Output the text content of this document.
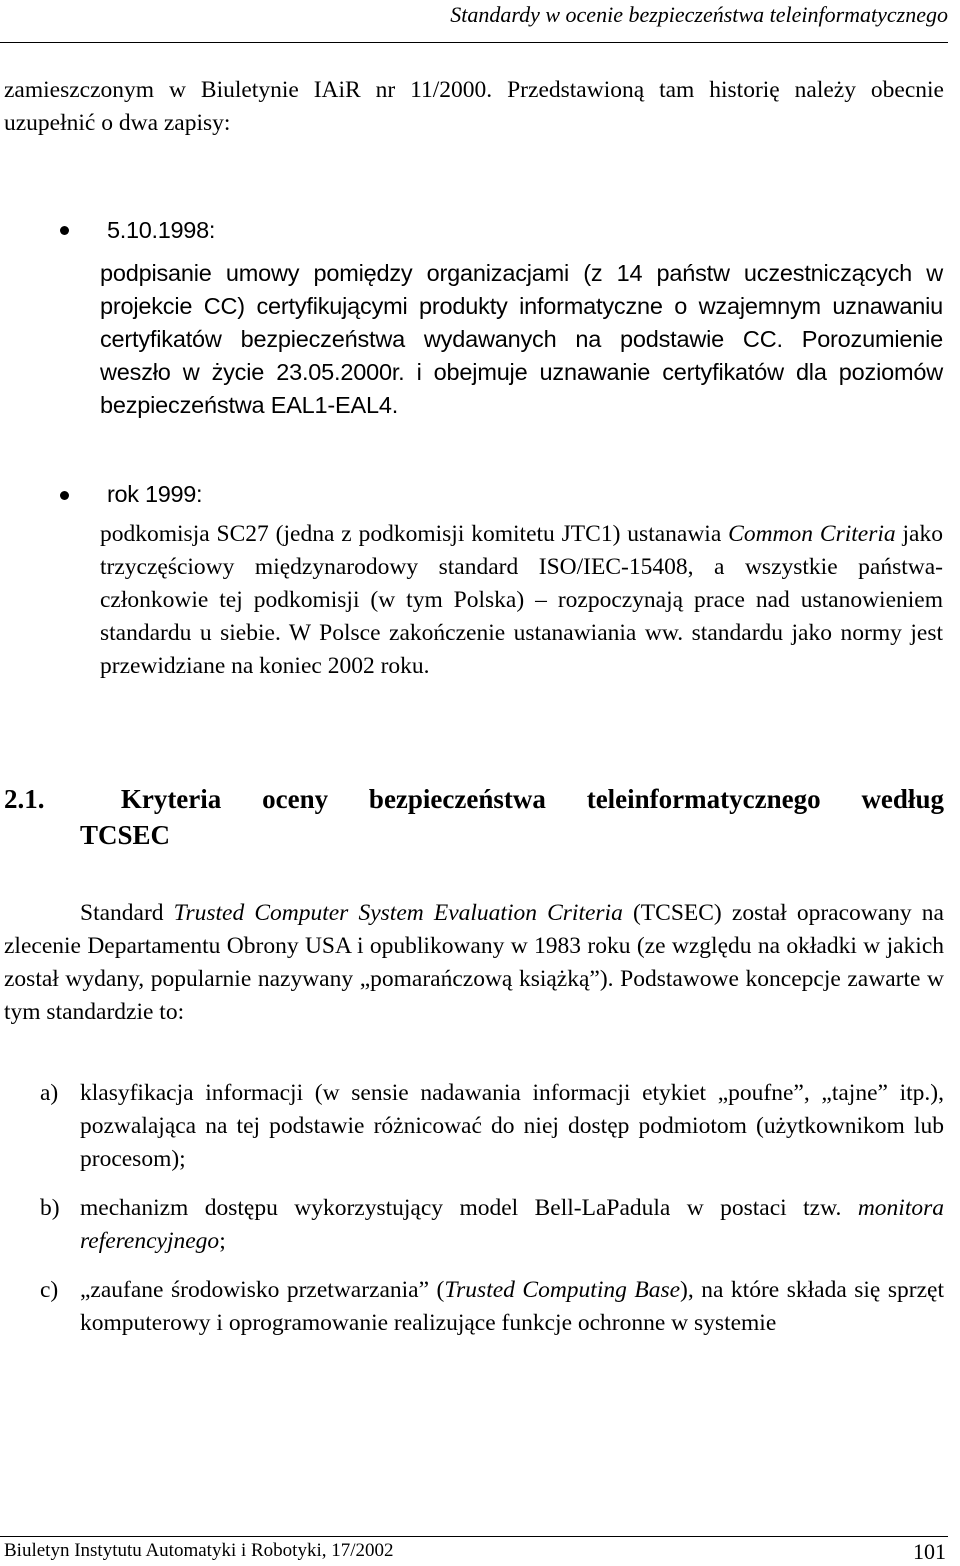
Standardy w ocenie bezpieczeństwa teleinformatycznego
zamieszczonym w Biuletynie IAiR nr 11/2000. Przedstawioną tam historię należy obecnie uzupełnić o dwa zapisy:
5.10.1998:
podpisanie umowy pomiędzy organizacjami (z 14 państw uczestniczących w projekcie CC) certyfikującymi produkty informatyczne o wzajemnym uznawaniu certyfikatów bezpieczeństwa wydawanych na podstawie CC. Porozumienie weszło w życie 23.05.2000r. i obejmuje uznawanie certyfikatów dla poziomów bezpieczeństwa EAL1-EAL4.
rok 1999:
podkomisja SC27 (jedna z podkomisji komitetu JTC1) ustanawia Common Criteria jako trzyczęściowy międzynarodowy standard ISO/IEC-15408, a wszystkie państwa-członkowie tej podkomisji (w tym Polska) – rozpoczynają prace nad ustanowieniem standardu u siebie. W Polsce zakończenie ustanawiania ww. standardu jako normy jest przewidziane na koniec 2002 roku.
2.1.	Kryteria oceny bezpieczeństwa teleinformatycznego według
TCSEC
Standard Trusted Computer System Evaluation Criteria (TCSEC) został opracowany na zlecenie Departamentu Obrony USA i opublikowany w 1983 roku (ze względu na okładki w jakich został wydany, popularnie nazywany „pomarańczową książką”). Podstawowe koncepcje zawarte w tym standardzie to:
a) klasyfikacja informacji (w sensie nadawania informacji etykiet „poufne”, „tajne” itp.), pozwalająca na tej podstawie różnicować do niej dostęp podmiotom (użytkownikom lub procesom);
b) mechanizm dostępu wykorzystujący model Bell-LaPadula w postaci tzw. monitora referencyjnego;
c) „zaufane środowisko przetwarzania” (Trusted Computing Base), na które składa się sprzęt komputerowy i oprogramowanie realizujące funkcje ochronne w systemie
Biuletyn Instytutu Automatyki i Robotyki, 17/2002	101
